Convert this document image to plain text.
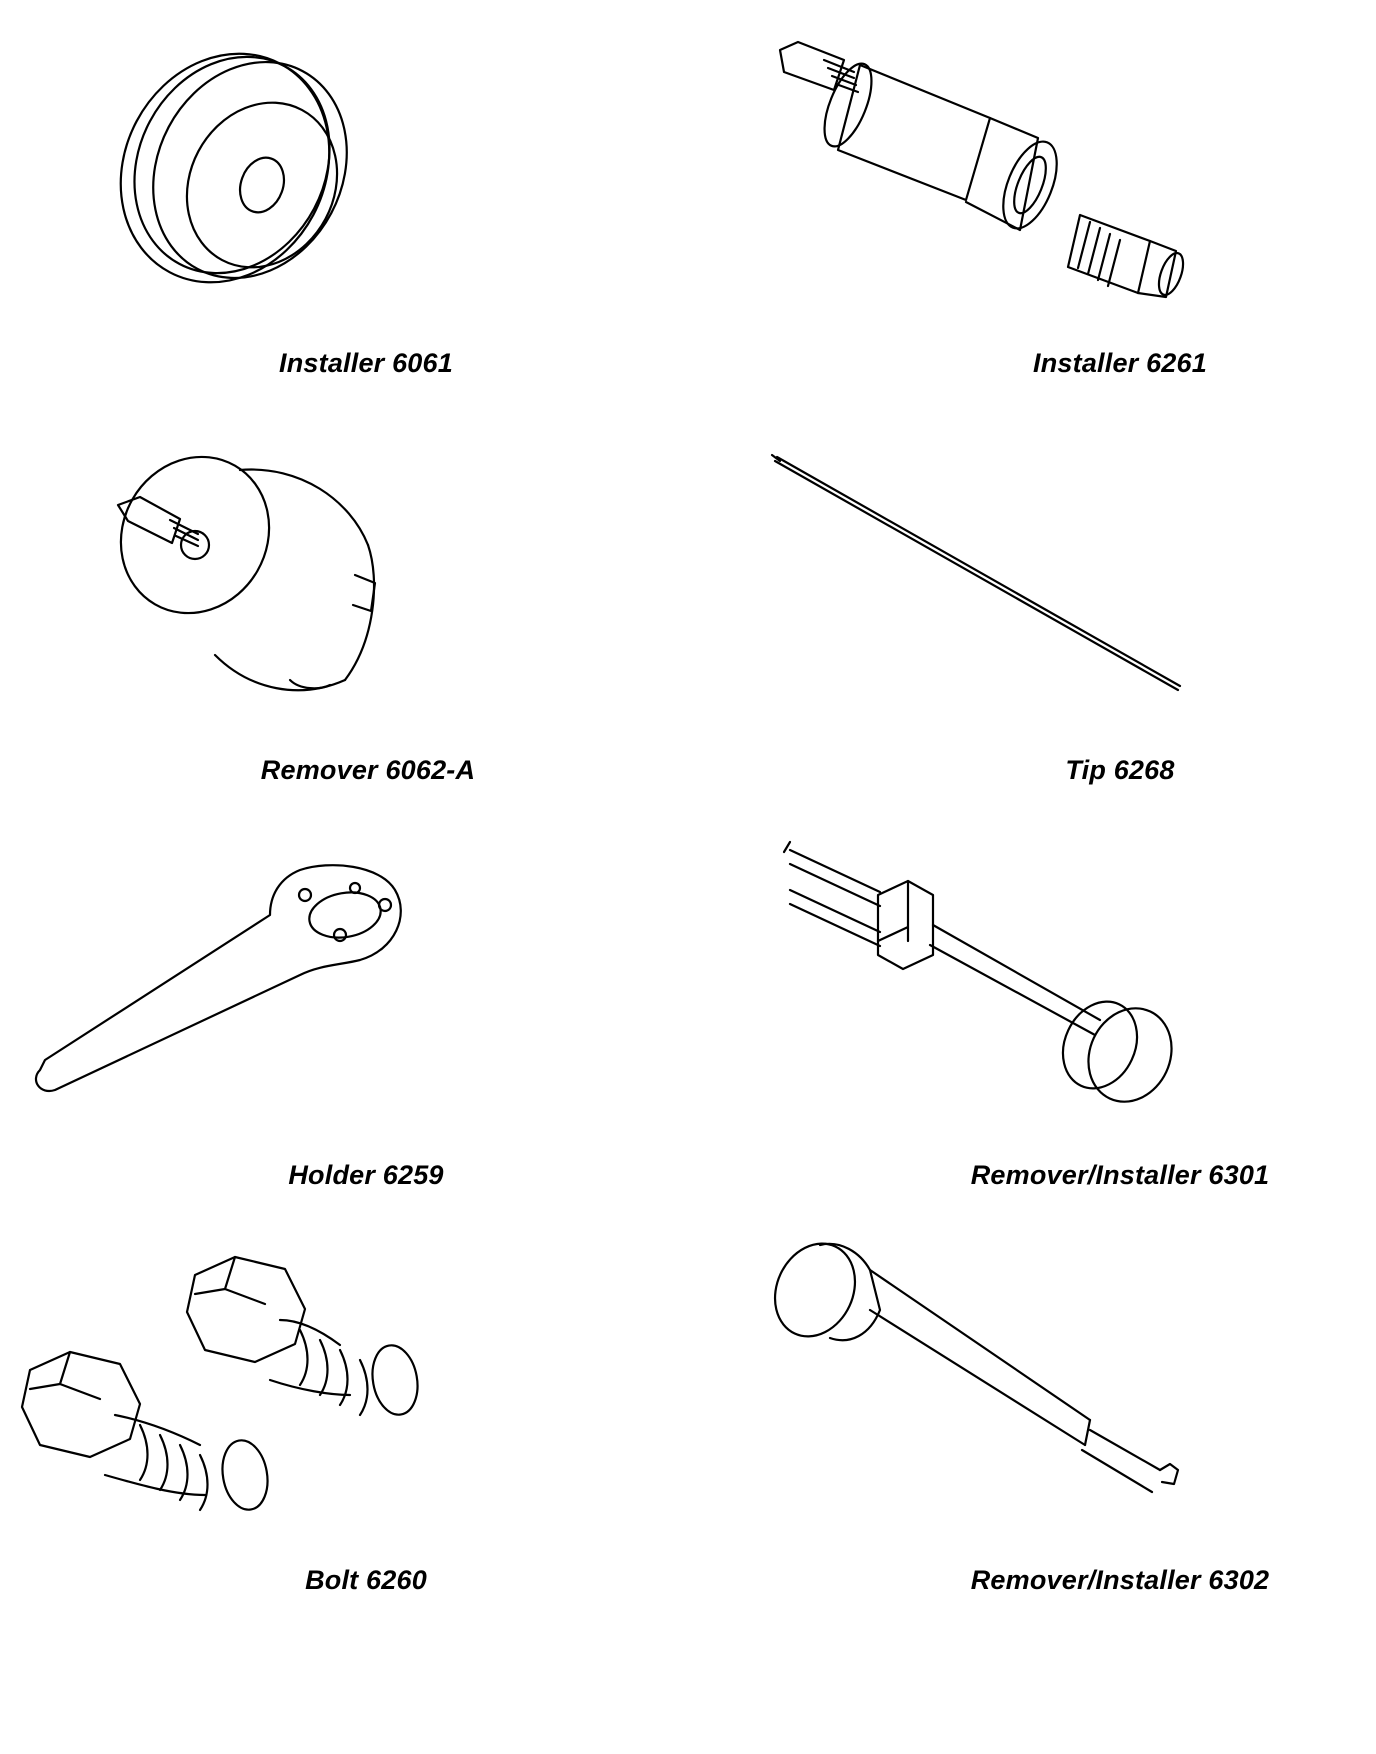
Installer 6061	Installer 6261
Remover 6062-A	Tip 6268
Holder 6259	Remover/Installer 6301
Bolt 6260	Remover/Installer 6302
